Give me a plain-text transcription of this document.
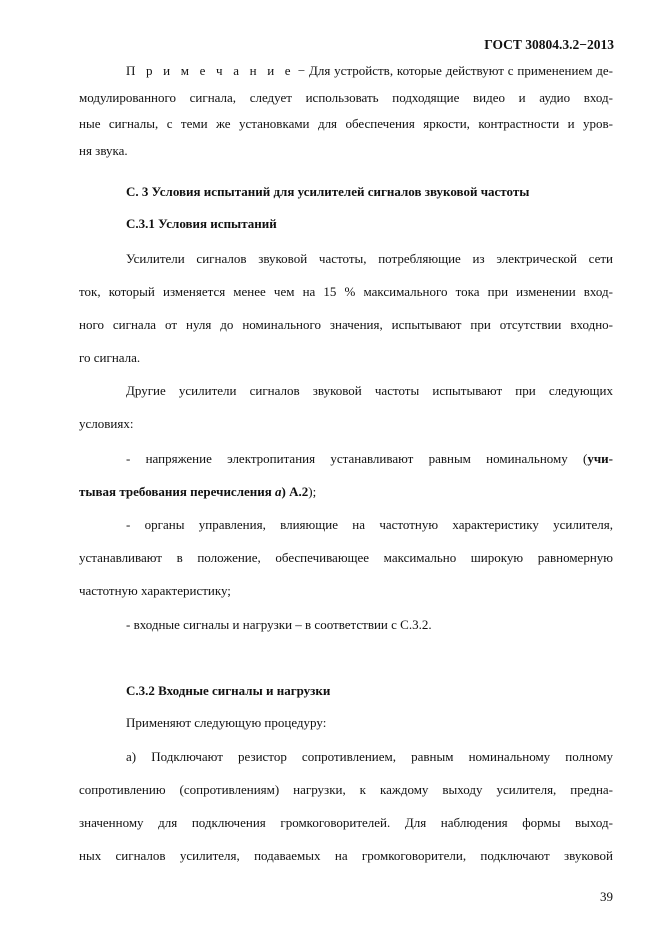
ГОСТ 30804.3.2−2013
П р и м е ч а н и е − Для устройств, которые действуют с применением де-
модулированного сигнала, следует использовать подходящие видео и аудио вход-
ные сигналы, с теми же установками для обеспечения яркости, контрастности и уров-
ня звука.
С. 3 Условия испытаний для усилителей сигналов звуковой частоты
С.3.1 Условия испытаний
Усилители сигналов звуковой частоты, потребляющие из электрической сети
ток, который изменяется менее чем на 15 % максимального тока при изменении вход-
ного сигнала от нуля до номинального значения, испытывают при отсутствии входно-
го сигнала.
Другие усилители сигналов звуковой частоты испытывают при следующих
условиях:
- напряжение электропитания устанавливают равным номинальному (учи-
тывая требования перечисления а) А.2);
- органы управления, влияющие на частотную характеристику усилителя,
устанавливают в положение, обеспечивающее максимально широкую равномерную
частотную характеристику;
- входные сигналы и нагрузки – в соответствии с С.3.2.
С.3.2 Входные сигналы и нагрузки
Применяют следующую процедуру:
а) Подключают резистор сопротивлением, равным номинальному полному
сопротивлению (сопротивлениям) нагрузки, к каждому выходу усилителя, предна-
значенному для подключения громкоговорителей. Для наблюдения формы выход-
ных сигналов усилителя, подаваемых на громкоговорители, подключают звуковой
39
